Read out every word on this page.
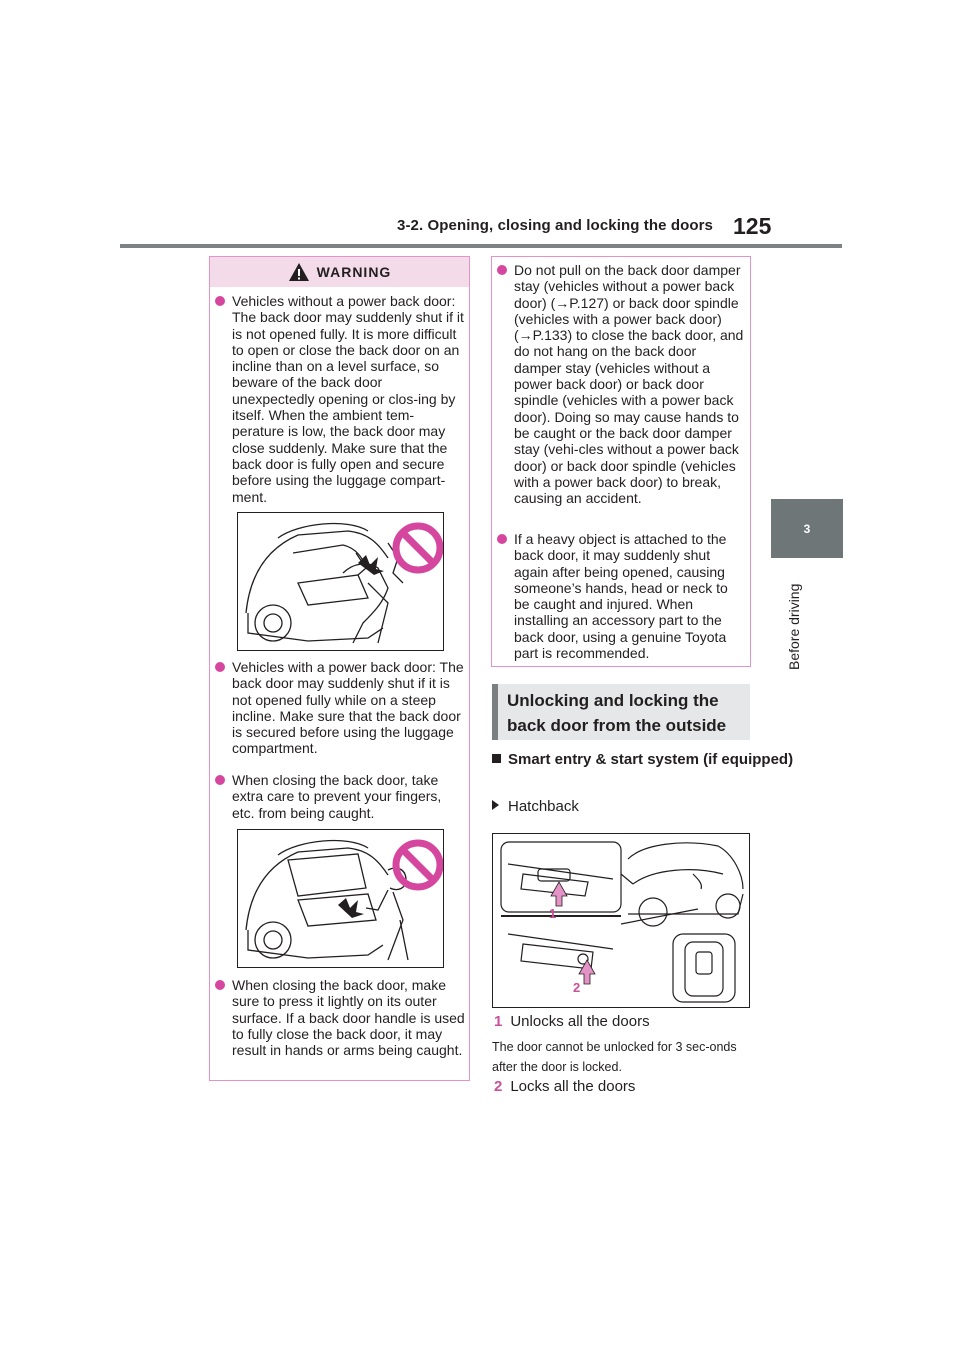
3-2. Opening, closing and locking the doors 125
3
Before driving
WARNING
Vehicles without a power back door: The back door may suddenly shut if it is not opened fully. It is more difficult to open or close the back door on an incline than on a level surface, so beware of the back door unexpectedly opening or clos-ing by itself. When the ambient tem-perature is low, the back door may close suddenly. Make sure that the back door is fully open and secure before using the luggage compart-ment.
Vehicles with a power back door: The back door may suddenly shut if it is not opened fully while on a steep incline. Make sure that the back door is secured before using the luggage compartment.
When closing the back door, take extra care to prevent your fingers, etc. from being caught.
When closing the back door, make sure to press it lightly on its outer surface. If a back door handle is used to fully close the back door, it may result in hands or arms being caught.
Do not pull on the back door damper stay (vehicles without a power back door) (→P.127) or back door spindle (vehicles with a power back door) (→P.133) to close the back door, and do not hang on the back door damper stay (vehicles without a power back door) or back door spindle (vehicles with a power back door). Doing so may cause hands to be caught or the back door damper stay (vehi-cles without a power back door) or back door spindle (vehicles with a power back door) to break, causing an accident.
If a heavy object is attached to the back door, it may suddenly shut again after being opened, causing someone’s hands, head or neck to be caught and injured. When installing an accessory part to the back door, using a genuine Toyota part is recommended.
Unlocking and locking the back door from the outside
Smart entry & start system (if equipped)
Hatchback
1
2
1 Unlocks all the doors
The door cannot be unlocked for 3 sec-onds after the door is locked.
2 Locks all the doors
